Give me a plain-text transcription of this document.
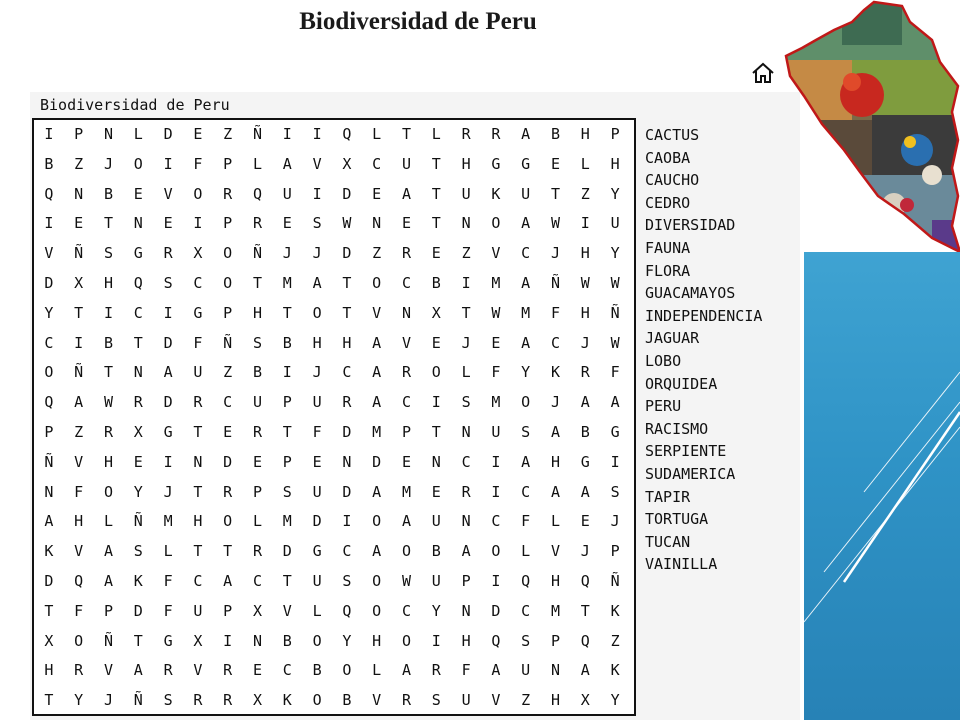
Biodiversidad de Peru
Biodiversidad de Peru
I	P	N	L	D	E	Z	Ñ	I	I	Q	L	T	L	R	R	A	B	H	P
B	Z	J	O	I	F	P	L	A	V	X	C	U	T	H	G	G	E	L	H
Q	N	B	E	V	O	R	Q	U	I	D	E	A	T	U	K	U	T	Z	Y
I	E	T	N	E	I	P	R	E	S	W	N	E	T	N	O	A	W	I	U
V	Ñ	S	G	R	X	O	Ñ	J	J	D	Z	R	E	Z	V	C	J	H	Y
D	X	H	Q	S	C	O	T	M	A	T	O	C	B	I	M	A	Ñ	W	W
Y	T	I	C	I	G	P	H	T	O	T	V	N	X	T	W	M	F	H	Ñ
C	I	B	T	D	F	Ñ	S	B	H	H	A	V	E	J	E	A	C	J	W
O	Ñ	T	N	A	U	Z	B	I	J	C	A	R	O	L	F	Y	K	R	F
Q	A	W	R	D	R	C	U	P	U	R	A	C	I	S	M	O	J	A	A
P	Z	R	X	G	T	E	R	T	F	D	M	P	T	N	U	S	A	B	G
Ñ	V	H	E	I	N	D	E	P	E	N	D	E	N	C	I	A	H	G	I
N	F	O	Y	J	T	R	P	S	U	D	A	M	E	R	I	C	A	A	S
A	H	L	Ñ	M	H	O	L	M	D	I	O	A	U	N	C	F	L	E	J
K	V	A	S	L	T	T	R	D	G	C	A	O	B	A	O	L	V	J	P
D	Q	A	K	F	C	A	C	T	U	S	O	W	U	P	I	Q	H	Q	Ñ
T	F	P	D	F	U	P	X	V	L	Q	O	C	Y	N	D	C	M	T	K
X	O	Ñ	T	G	X	I	N	B	O	Y	H	O	I	H	Q	S	P	Q	Z
H	R	V	A	R	V	R	E	C	B	O	L	A	R	F	A	U	N	A	K
T	Y	J	Ñ	S	R	R	X	K	O	B	V	R	S	U	V	Z	H	X	Y
CACTUS
CAOBA
CAUCHO
CEDRO
DIVERSIDAD
FAUNA
FLORA
GUACAMAYOS
INDEPENDENCIA
JAGUAR
LOBO
ORQUIDEA
PERU
RACISMO
SERPIENTE
SUDAMERICA
TAPIR
TORTUGA
TUCAN
VAINILLA
